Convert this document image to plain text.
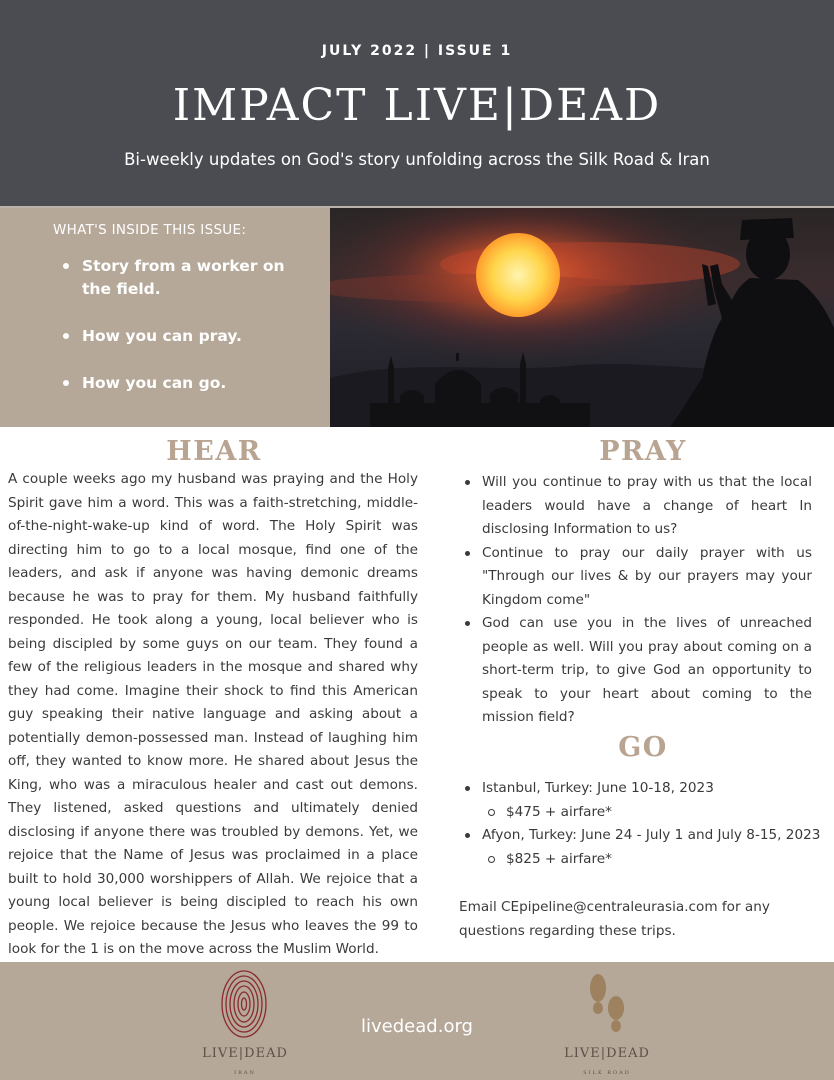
JULY 2022 | ISSUE 1
IMPACT LIVE|DEAD
Bi-weekly updates on God's story unfolding across the Silk Road & Iran
WHAT'S INSIDE THIS ISSUE:
Story from a worker on the field.
How you can pray.
How you can go.
HEAR

A couple weeks ago my husband was praying and the Holy Spirit gave him a word. This was a faith-stretching, middle-of-the-night-wake-up kind of word. The Holy Spirit was directing him to go to a local mosque, find one of the leaders, and ask if anyone was having demonic dreams because he was to pray for them. My husband faithfully responded. He took along a young, local believer who is being discipled by some guys on our team. They found a few of the religious leaders in the mosque and shared why they had come. Imagine their shock to find this American guy speaking their native language and asking about a potentially demon-possessed man. Instead of laughing him off, they wanted to know more. He shared about Jesus the King, who was a miraculous healer and cast out demons. They listened, asked questions and ultimately denied disclosing if anyone there was troubled by demons. Yet, we rejoice that the Name of Jesus was proclaimed in a place built to hold 30,000 worshippers of Allah. We rejoice that a young local believer is being discipled to reach his own people. We rejoice because the Jesus who leaves the 99 to look for the 1 is on the move across the Muslim World.

PRAY
Will you continue to pray with us that the local leaders would have a change of heart In disclosing Information to us?
Continue to pray our daily prayer with us "Through our lives & by our prayers may your Kingdom come"
God can use you in the lives of unreached people as well. Will you pray about coming on a short-term trip, to give God an opportunity to speak to your heart about coming to the mission field?
GO
Istanbul, Turkey: June 10-18, 2023
$475 + airfare*
Afyon, Turkey: June 24 - July 1 and July 8-15, 2023
$825 + airfare*

Email CEpipeline@centraleurasia.com for any questions regarding these trips.

LIVE|DEAD
IRAN
livedead.org
LIVE|DEAD
SILK ROAD
